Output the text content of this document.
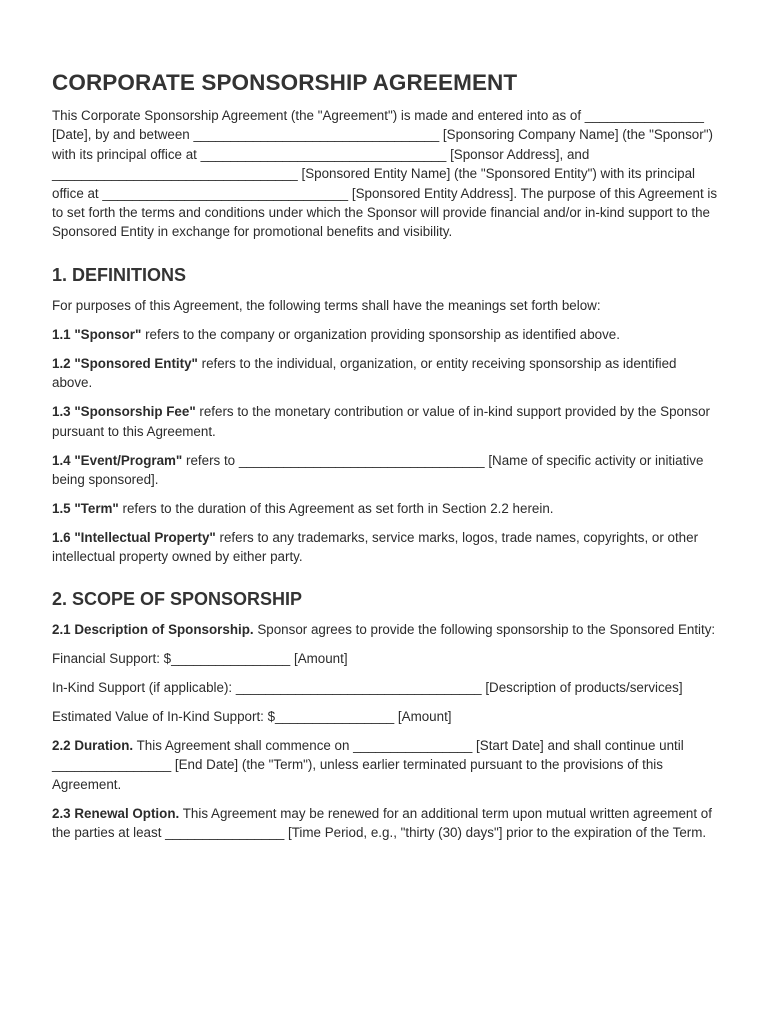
CORPORATE SPONSORSHIP AGREEMENT

This Corporate Sponsorship Agreement (the "Agreement") is made and entered into as of ________________ [Date], by and between _________________________________ [Sponsoring Company Name] (the "Sponsor") with its principal office at _________________________________ [Sponsor Address], and _________________________________ [Sponsored Entity Name] (the "Sponsored Entity") with its principal office at _________________________________ [Sponsored Entity Address]. The purpose of this Agreement is to set forth the terms and conditions under which the Sponsor will provide financial and/or in-kind support to the Sponsored Entity in exchange for promotional benefits and visibility.

1. DEFINITIONS

For purposes of this Agreement, the following terms shall have the meanings set forth below:

1.1 "Sponsor" refers to the company or organization providing sponsorship as identified above.

1.2 "Sponsored Entity" refers to the individual, organization, or entity receiving sponsorship as identified above.

1.3 "Sponsorship Fee" refers to the monetary contribution or value of in-kind support provided by the Sponsor pursuant to this Agreement.

1.4 "Event/Program" refers to _________________________________ [Name of specific activity or initiative being sponsored].

1.5 "Term" refers to the duration of this Agreement as set forth in Section 2.2 herein.

1.6 "Intellectual Property" refers to any trademarks, service marks, logos, trade names, copyrights, or other intellectual property owned by either party.

2. SCOPE OF SPONSORSHIP

2.1 Description of Sponsorship. Sponsor agrees to provide the following sponsorship to the Sponsored Entity:

Financial Support: $________________ [Amount]

In-Kind Support (if applicable): _________________________________ [Description of products/services]

Estimated Value of In-Kind Support: $________________ [Amount]

2.2 Duration. This Agreement shall commence on ________________ [Start Date] and shall continue until ________________ [End Date] (the "Term"), unless earlier terminated pursuant to the provisions of this Agreement.

2.3 Renewal Option. This Agreement may be renewed for an additional term upon mutual written agreement of the parties at least ________________ [Time Period, e.g., "thirty (30) days"] prior to the expiration of the Term.
